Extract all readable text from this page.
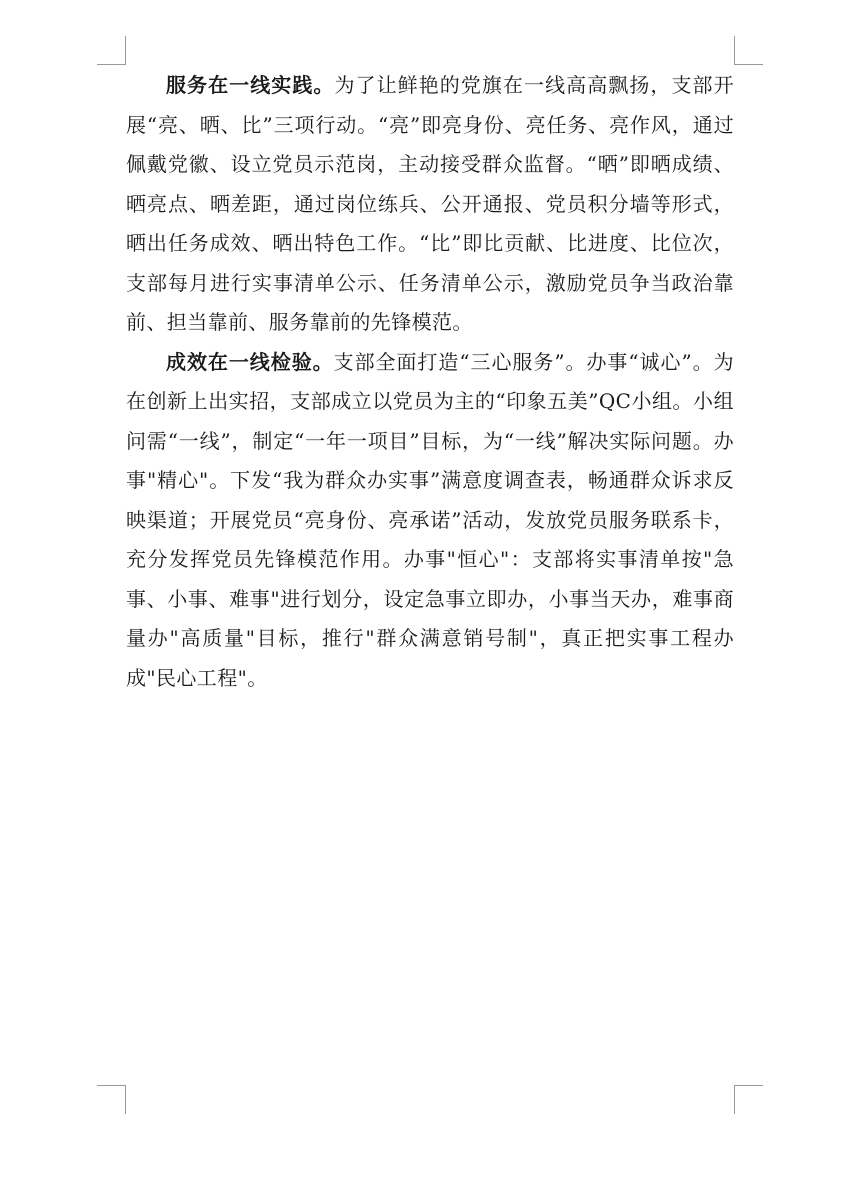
服务在一线实践。为了让鲜艳的党旗在一线高高飘扬，支部开展“亮、晒、比”三项行动。“亮”即亮身份、亮任务、亮作风，通过佩戴党徽、设立党员示范岗，主动接受群众监督。“晒”即晒成绩、晒亮点、晒差距，通过岗位练兵、公开通报、党员积分墙等形式，晒出任务成效、晒出特色工作。“比”即比贡献、比进度、比位次，支部每月进行实事清单公示、任务清单公示，激励党员争当政治靠前、担当靠前、服务靠前的先锋模范。

成效在一线检验。支部全面打造“三心服务”。办事“诚心”。为在创新上出实招，支部成立以党员为主的“印象五美”QC小组。小组问需“一线”，制定“一年一项目”目标，为“一线”解决实际问题。办事"精心"。下发“我为群众办实事”满意度调查表，畅通群众诉求反映渠道；开展党员“亮身份、亮承诺”活动，发放党员服务联系卡，充分发挥党员先锋模范作用。办事"恒心"：支部将实事清单按"急事、小事、难事"进行划分，设定急事立即办，小事当天办，难事商量办"高质量"目标，推行"群众满意销号制"，真正把实事工程办成"民心工程"。
